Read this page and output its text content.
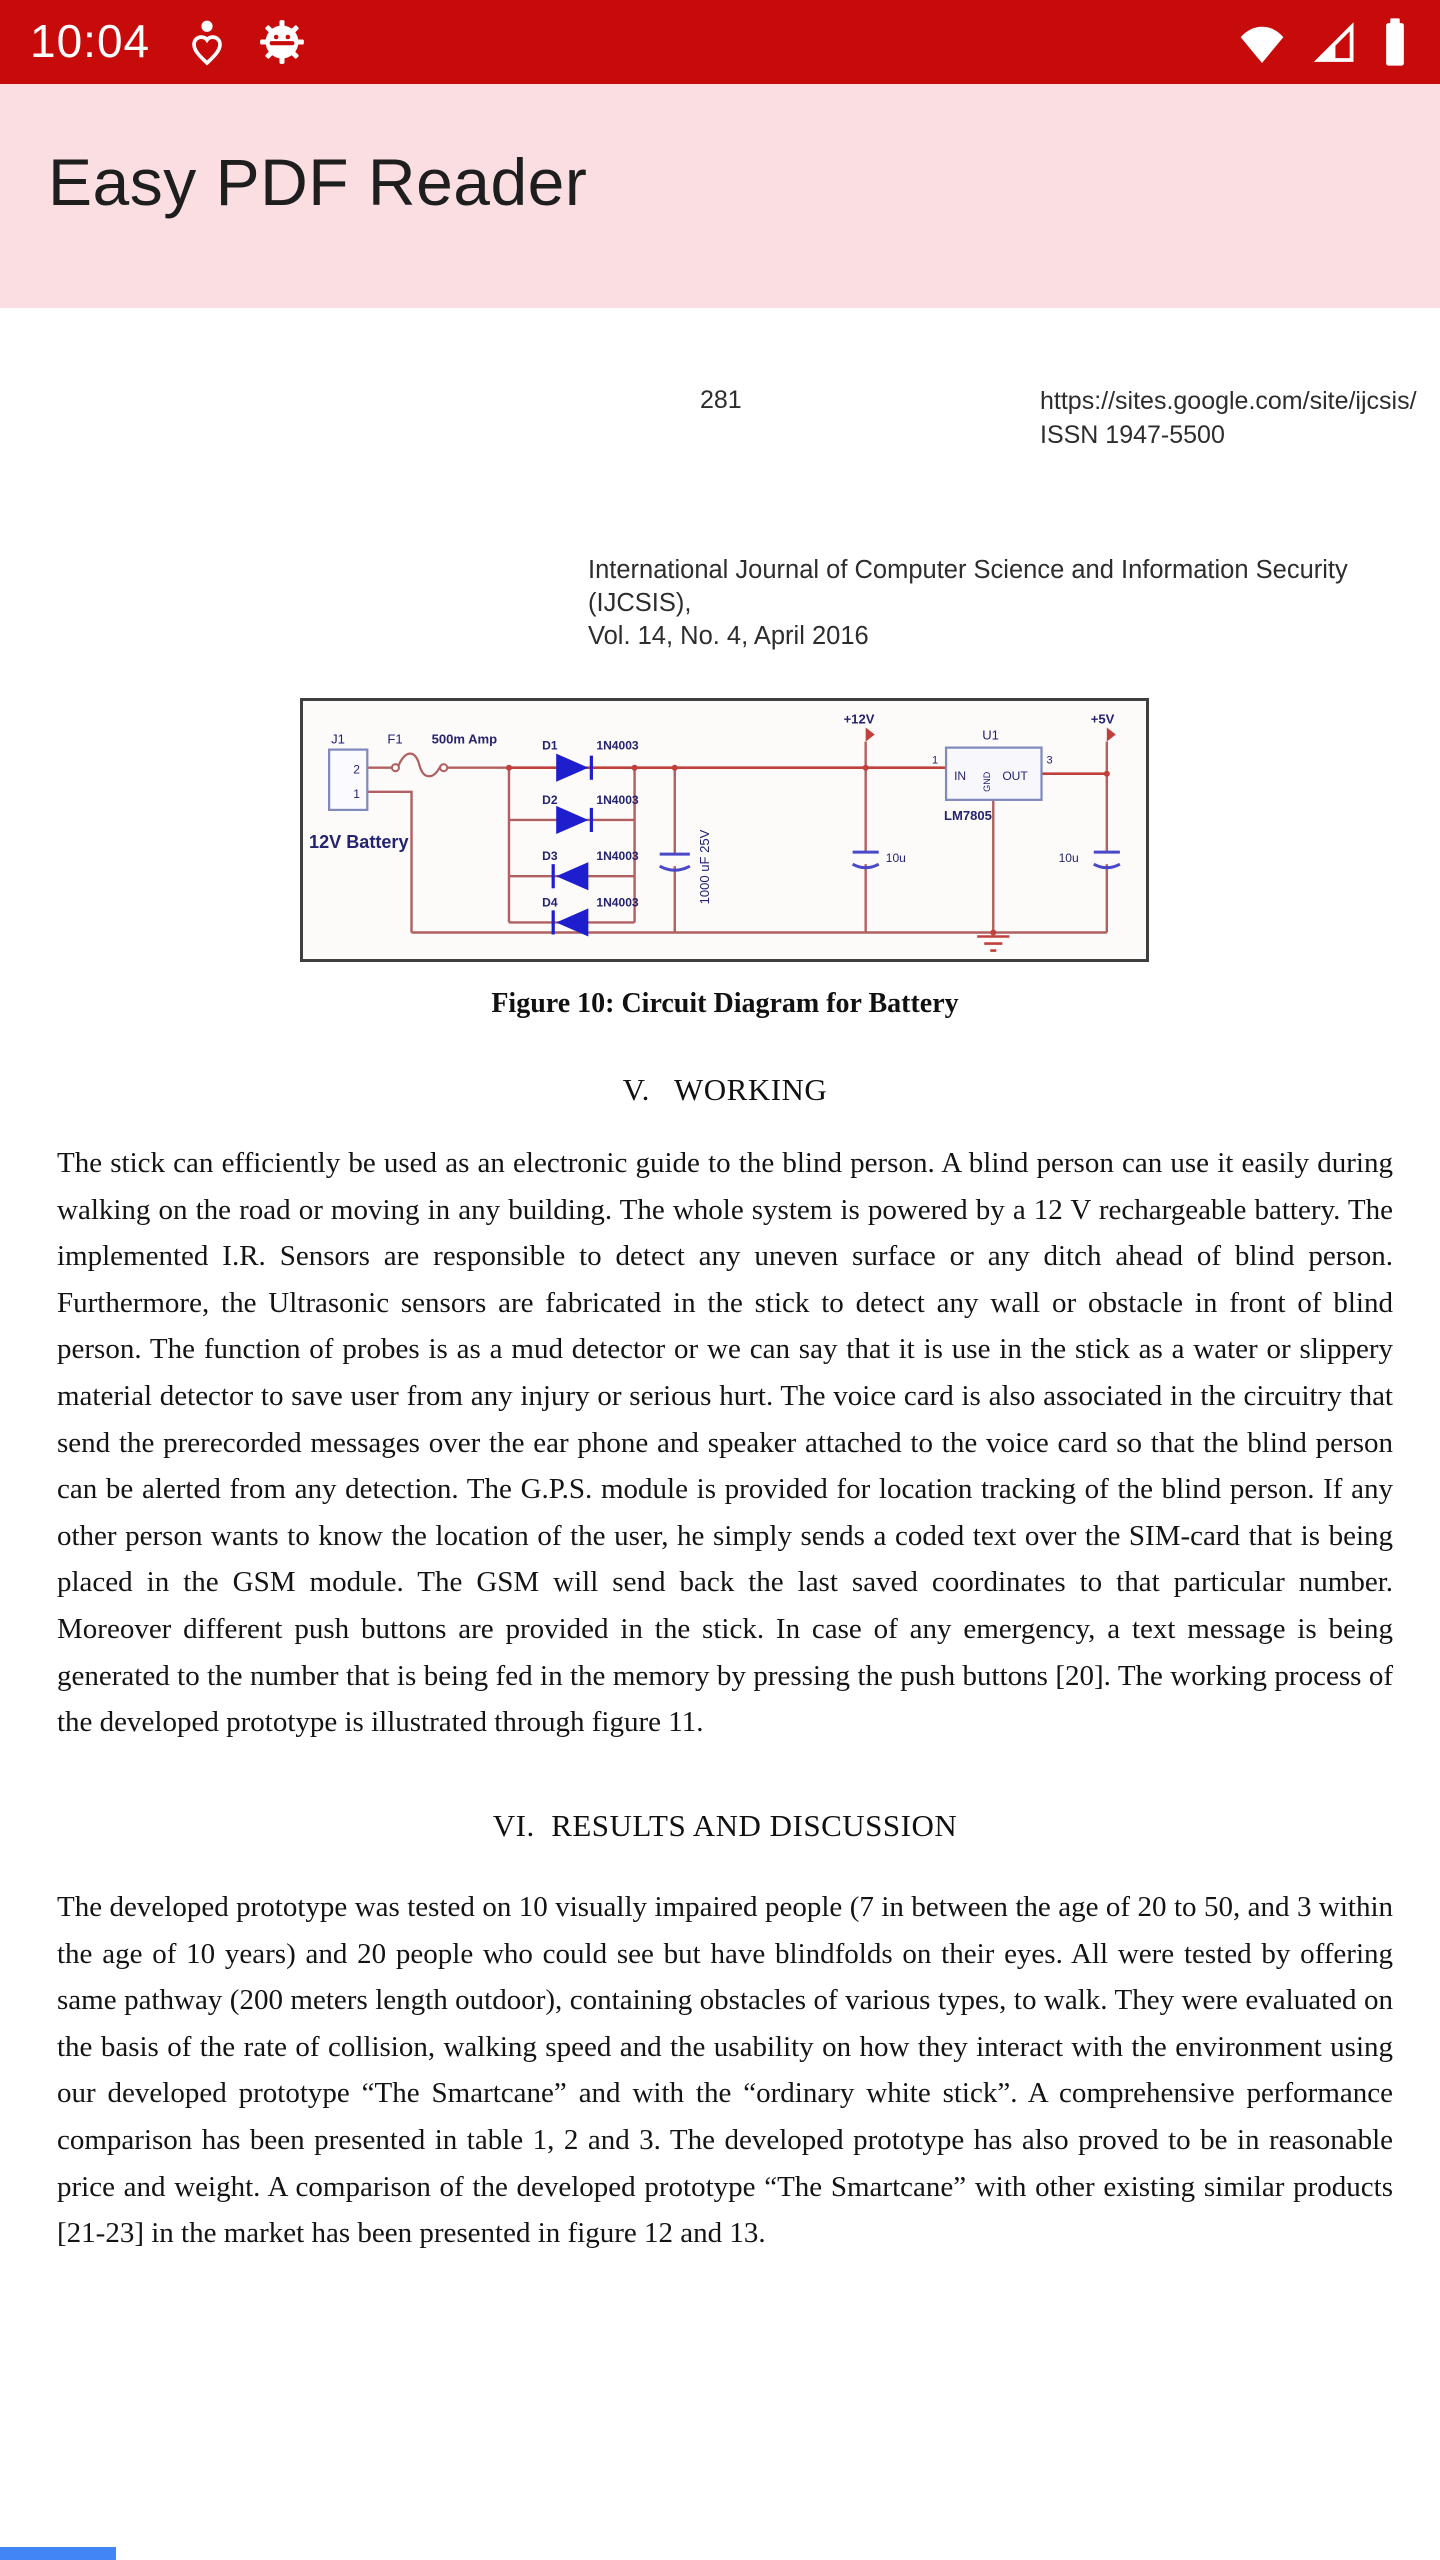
10:04
Easy PDF Reader
281	https://sites.google.com/site/ijcsis/
ISSN 1947-5500
International Journal of Computer Science and Information Security (IJCSIS),
Vol. 14, No. 4, April 2016
J1
2
1
12V Battery
F1 500m Amp	D1	1N4003
D2	1N4003
D3	1N4003
D4	1N4003	1000 uF 25V
+12V
10u
U1
1	3
IN	OUT
GND
LM7805
+5V
10u
Figure 10: Circuit Diagram for Battery
V.   WORKING
The stick can efficiently be used as an electronic guide to the blind person. A blind person can use it easily during walking on the road or moving in any building. The whole system is powered by a 12 V rechargeable battery. The implemented I.R. Sensors are responsible to detect any uneven surface or any ditch ahead of blind person. Furthermore, the Ultrasonic sensors are fabricated in the stick to detect any wall or obstacle in front of blind person. The function of probes is as a mud detector or we can say that it is use in the stick as a water or slippery material detector to save user from any injury or serious hurt. The voice card is also associated in the circuitry that send the prerecorded messages over the ear phone and speaker attached to the voice card so that the blind person can be alerted from any detection. The G.P.S. module is provided for location tracking of the blind person. If any other person wants to know the location of the user, he simply sends a coded text over the SIM-card that is being placed in the GSM module. The GSM will send back the last saved coordinates to that particular number. Moreover different push buttons are provided in the stick. In case of any emergency, a text message is being generated to the number that is being fed in the memory by pressing the push buttons [20]. The working process of the developed prototype is illustrated through figure 11.
VI.  RESULTS AND DISCUSSION
The developed prototype was tested on 10 visually impaired people (7 in between the age of 20 to 50, and 3 within the age of 10 years) and 20 people who could see but have blindfolds on their eyes. All were tested by offering same pathway (200 meters length outdoor), containing obstacles of various types, to walk. They were evaluated on the basis of the rate of collision, walking speed and the usability on how they interact with the environment using our developed prototype “The Smartcane” and with the “ordinary white stick”. A comprehensive performance comparison has been presented in table 1, 2 and 3. The developed prototype has also proved to be in reasonable price and weight. A comparison of the developed prototype “The Smartcane” with other existing similar products [21-23] in the market has been presented in figure 12 and 13.
